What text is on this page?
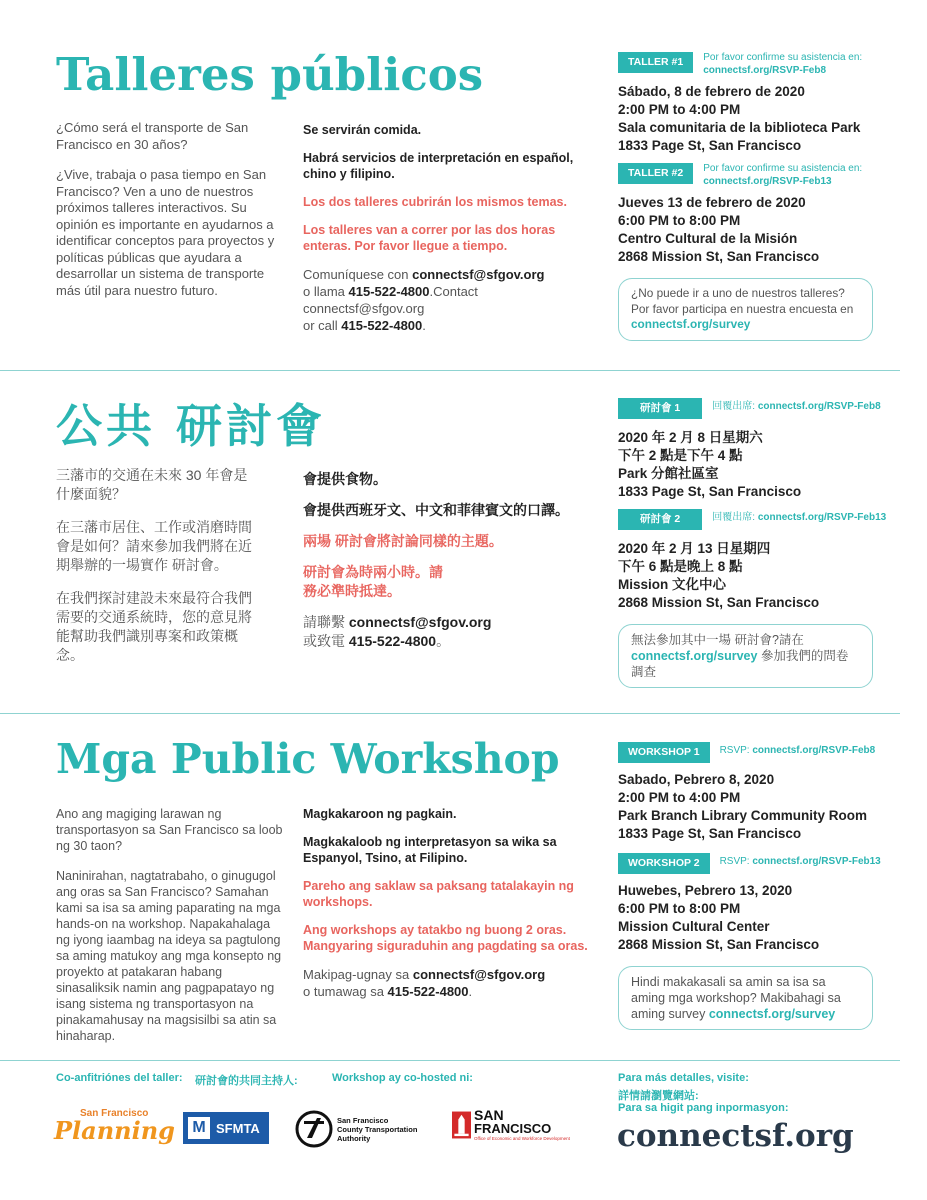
Talleres públicos

¿Cómo será el transporte de San Francisco en 30 años?

¿Vive, trabaja o pasa tiempo en San Francisco? Ven a uno de nuestros próximos talleres interactivos. Su opinión es importante en ayudarnos a identificar conceptos para proyectos y políticas públicas que ayudara a desarrollar un sistema de transporte más útil para nuestro futuro.

Se servirán comida.

Habrá servicios de interpretación en español, chino y filipino.

Los dos talleres cubrirán los mismos temas.

Los talleres van a correr por las dos horas enteras. Por favor llegue a tiempo.

Comuníquese con connectsf@sfgov.org
o llama 415-522-4800.Contact
connectsf@sfgov.org
or call 415-522-4800.

TALLER #1	Por favor confirme su asistencia en:
connectsf.org/RSVP-Feb8
Sábado, 8 de febrero de 2020
2:00 PM to 4:00 PM
Sala comunitaria de la biblioteca Park
1833 Page St, San Francisco
TALLER #2	Por favor confirme su asistencia en:
connectsf.org/RSVP-Feb13
Jueves 13 de febrero de 2020
6:00 PM to 8:00 PM
Centro Cultural de la Misión
2868 Mission St, San Francisco
¿No puede ir a uno de nuestros talleres? Por favor participa en nuestra encuesta en connectsf.org/survey
公共 研討會

三藩市的交通在未來 30 年會是什麼面貌？

在三藩市居住、工作或消磨時間會是如何？請來參加我們將在近期舉辦的一場實作 研討會。

在我們探討建設未來最符合我們需要的交通系統時，您的意見將能幫助我們識別專案和政策概念。

會提供食物。

會提供西班牙文、中文和菲律賓文的口譯。

兩場 研討會將討論同樣的主題。

研討會為時兩小時。請務必準時抵達。

請聯繫 connectsf@sfgov.org
或致電 415-522-4800。

研討會 1	回覆出席: connectsf.org/RSVP-Feb8
2020 年 2 月 8 日星期六
下午 2 點是下午 4 點
Park 分館社區室
1833 Page St, San Francisco
研討會 2	回覆出席: connectsf.org/RSVP-Feb13
2020 年 2 月 13 日星期四
下午 6 點是晚上 8 點
Mission 文化中心
2868 Mission St, San Francisco
無法參加其中一場 研討會?請在
connectsf.org/survey 參加我們的問卷調查
Mga Public Workshop

Ano ang magiging larawan ng transportasyon sa San Francisco sa loob ng 30 taon?

Naninirahan, nagtatrabaho, o ginugugol ang oras sa San Francisco? Samahan kami sa isa sa aming paparating na mga hands-on na workshop. Napakahalaga ng iyong iaambag na ideya sa pagtulong sa aming matukoy ang mga konsepto ng proyekto at patakaran habang sinasaliksik namin ang pagpapatayo ng isang sistema ng transportasyon na pinakamahusay na magsisilbi sa atin sa hinaharap.

Magkakaroon ng pagkain.

Magkakaloob ng interpretasyon sa wika sa Espanyol, Tsino, at Filipino.

Pareho ang saklaw sa paksang tatalakayin ng workshops.

Ang workshops ay tatakbo ng buong 2 oras. Mangyaring siguraduhin ang pagdating sa oras.

Makipag-ugnay sa connectsf@sfgov.org
o tumawag sa 415-522-4800.

WORKSHOP 1	RSVP: connectsf.org/RSVP-Feb8
Sabado, Pebrero 8, 2020
2:00 PM to 4:00 PM
Park Branch Library Community Room
1833 Page St, San Francisco
WORKSHOP 2	RSVP: connectsf.org/RSVP-Feb13
Huwebes, Pebrero 13, 2020
6:00 PM to 8:00 PM
Mission Cultural Center
2868 Mission St, San Francisco
Hindi makakasali sa amin sa isa sa aming mga workshop? Makibahagi sa aming survey connectsf.org/survey
Co-anfitriónes del taller: 研討會的共同主持人:	Workshop ay co-hosted ni:	Para más detalles, visite:
詳情請瀏覽網站:
Para sa higit pang inpormasyon:
connectsf.org
San Francisco
Planning M SFMTA
San Francisco
County Transportation
Authority
SAN
FRANCISCO
Office of Economic and Workforce Development
